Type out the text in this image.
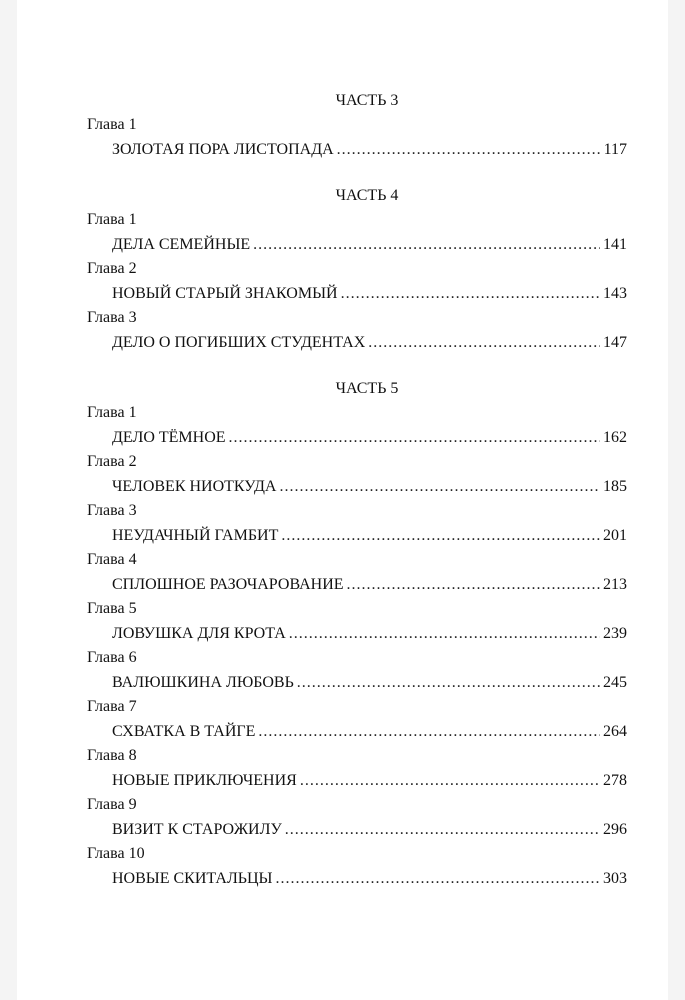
ЧАСТЬ 3
Глава 1
ЗОЛОТАЯ ПОРА ЛИСТОПАДА .....	117
ЧАСТЬ 4
Глава 1
ДЕЛА СЕМЕЙНЫЕ .....	141
Глава 2
НОВЫЙ СТАРЫЙ ЗНАКОМЫЙ .....	143
Глава 3
ДЕЛО О ПОГИБШИХ СТУДЕНТАХ .....	147
ЧАСТЬ 5
Глава 1
ДЕЛО ТЁМНОЕ .....	162
Глава 2
ЧЕЛОВЕК НИОТКУДА .....	185
Глава 3
НЕУДАЧНЫЙ ГАМБИТ .....	201
Глава 4
СПЛОШНОЕ РАЗОЧАРОВАНИЕ .....	213
Глава 5
ЛОВУШКА ДЛЯ КРОТА .....	239
Глава 6
ВАЛЮШКИНА ЛЮБОВЬ .....	245
Глава 7
СХВАТКА В ТАЙГЕ .....	264
Глава 8
НОВЫЕ ПРИКЛЮЧЕНИЯ .....	278
Глава 9
ВИЗИТ К СТАРОЖИЛУ .....	296
Глава 10
НОВЫЕ СКИТАЛЬЦЫ .....	303
